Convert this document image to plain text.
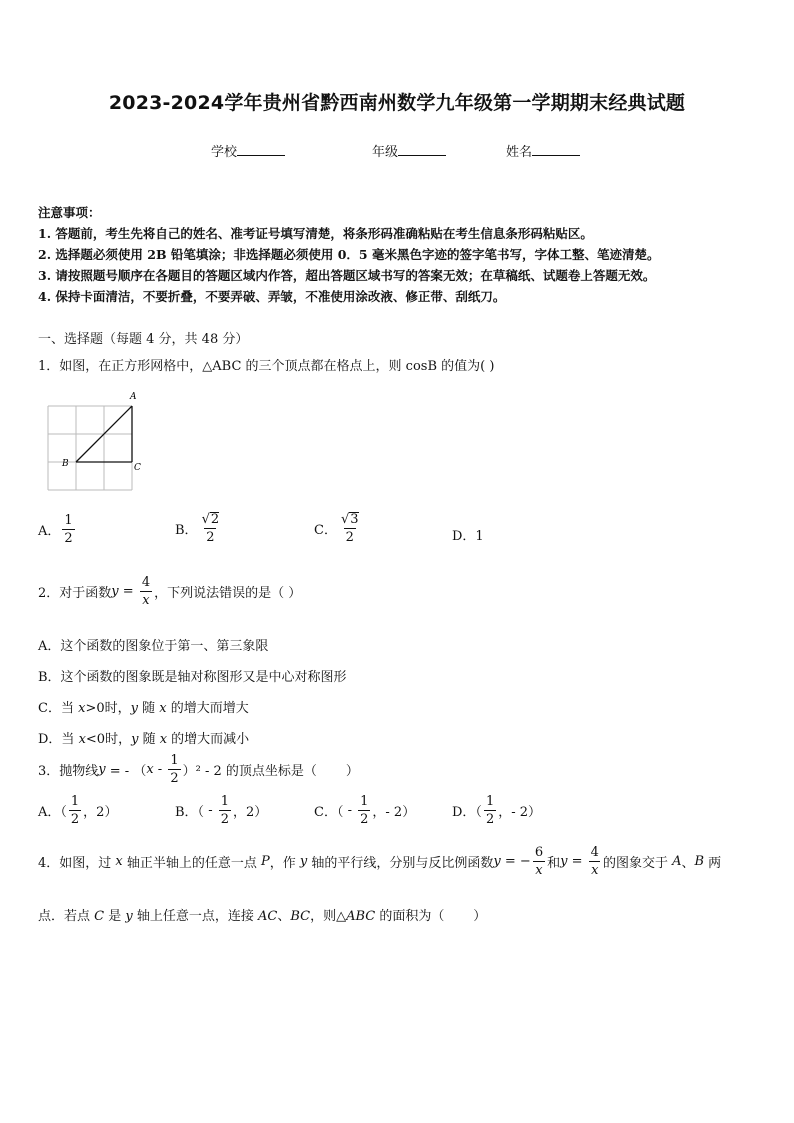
2023-2024学年贵州省黔西南州数学九年级第一学期期末经典试题
学校	年级	姓名
注意事项：
1. 答题前，考生先将自己的姓名、准考证号填写清楚，将条形码准确粘贴在考生信息条形码粘贴区。
2. 选择题必须使用 2B 铅笔填涂；非选择题必须使用 0．5 毫米黑色字迹的签字笔书写，字体工整、笔迹清楚。
3. 请按照题号顺序在各题目的答题区域内作答，超出答题区域书写的答案无效；在草稿纸、试题卷上答题无效。
4. 保持卡面清洁，不要折叠，不要弄破、弄皱，不准使用涂改液、修正带、刮纸刀。
一、选择题（每题 4 分，共 48 分）
1．如图，在正方形网格中，△ABC 的三个顶点都在格点上，则 cosB 的值为( )
A
B	C
A． $\frac{1}{2}$	B． $\frac{√2}{2}$	C． $\frac{√3}{2}$	D．1
2．对于函数 $y = \frac{4}{x}$ ，下列说法错误的是（ ）
A．这个函数的图象位于第一、第三象限
B．这个函数的图象既是轴对称图形又是中心对称图形
C．当 x>0时，y 随 x 的增大而增大
D．当 x<0时，y 随 x 的增大而减小
3．抛物线 y = - （ x - $\frac{1}{2} )^2 - 2$ 的顶点坐标是（       ）
A．（ $\frac{1}{2}$ ，2）	B．（ - $\frac{1}{2}$ ，2）	C．（ - $\frac{1}{2}$ ，- 2）	D．（ $\frac{1}{2}$ ，- 2）
4．如图，过 x 轴正半轴上的任意一点 P ，作 y 轴的平行线，分别与反比例函数 y = − $\frac{6}{x}$ 和 $y = \frac{4}{x}$ 的图象交于 A 、 B 两
点．若点 C 是 y 轴上任意一点，连接 AC、BC，则△ABC 的面积为（       ）
